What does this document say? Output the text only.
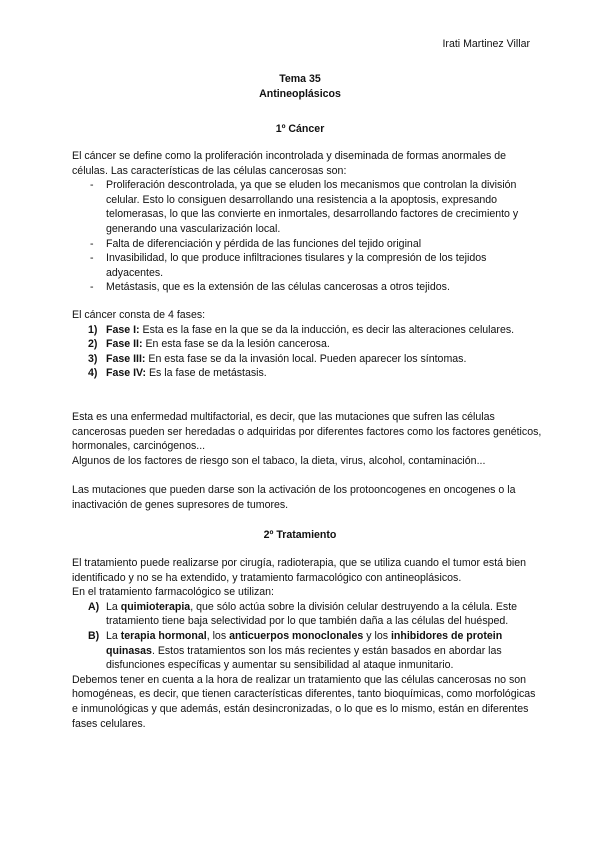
Irati Martinez Villar
Tema 35
Antineoplásicos
1º Cáncer

El cáncer se define como la proliferación incontrolada y diseminada de formas anormales de células. Las características de las células cancerosas son:

- Proliferación descontrolada, ya que se eluden los mecanismos que controlan la división celular. Esto lo consiguen desarrollando una resistencia a la apoptosis, expresando telomerasas, lo que las convierte en inmortales, desarrollando factores de crecimiento y generando una vascularización local.
- Falta de diferenciación y pérdida de las funciones del tejido original
- Invasibilidad, lo que produce infiltraciones tisulares y la compresión de los tejidos adyacentes.
- Metástasis, que es la extensión de las células cancerosas a otros tejidos.

El cáncer consta de 4 fases:

1) Fase I: Esta es la fase en la que se da la inducción, es decir las alteraciones celulares.
2) Fase II: En esta fase se da la lesión cancerosa.
3) Fase III: En esta fase se da la invasión local. Pueden aparecer los síntomas.
4) Fase IV: Es la fase de metástasis.

Esta es una enfermedad multifactorial, es decir, que las mutaciones que sufren las células cancerosas pueden ser heredadas o adquiridas por diferentes factores como los factores genéticos, hormonales, carcinógenos...

Algunos de los factores de riesgo son el tabaco, la dieta, virus, alcohol, contaminación...

Las mutaciones que pueden darse son la activación de los protooncogenes en oncogenes o la inactivación de genes supresores de tumores.

2º Tratamiento

El tratamiento puede realizarse por cirugía, radioterapia, que se utiliza cuando el tumor está bien identificado y no se ha extendido, y tratamiento farmacológico con antineoplásicos.

En el tratamiento farmacológico se utilizan:

A) La quimioterapia, que sólo actúa sobre la división celular destruyendo a la célula. Este tratamiento tiene baja selectividad por lo que también daña a las células del huésped.
B) La terapia hormonal, los anticuerpos monoclonales y los inhibidores de protein quinasas. Estos tratamientos son los más recientes y están basados en abordar las disfunciones específicas y aumentar su sensibilidad al ataque inmunitario.

Debemos tener en cuenta a la hora de realizar un tratamiento que las células cancerosas no son homogéneas, es decir, que tienen características diferentes, tanto bioquímicas, como morfológicas e inmunológicas y que además, están desincronizadas, o lo que es lo mismo, están en diferentes fases celulares.
